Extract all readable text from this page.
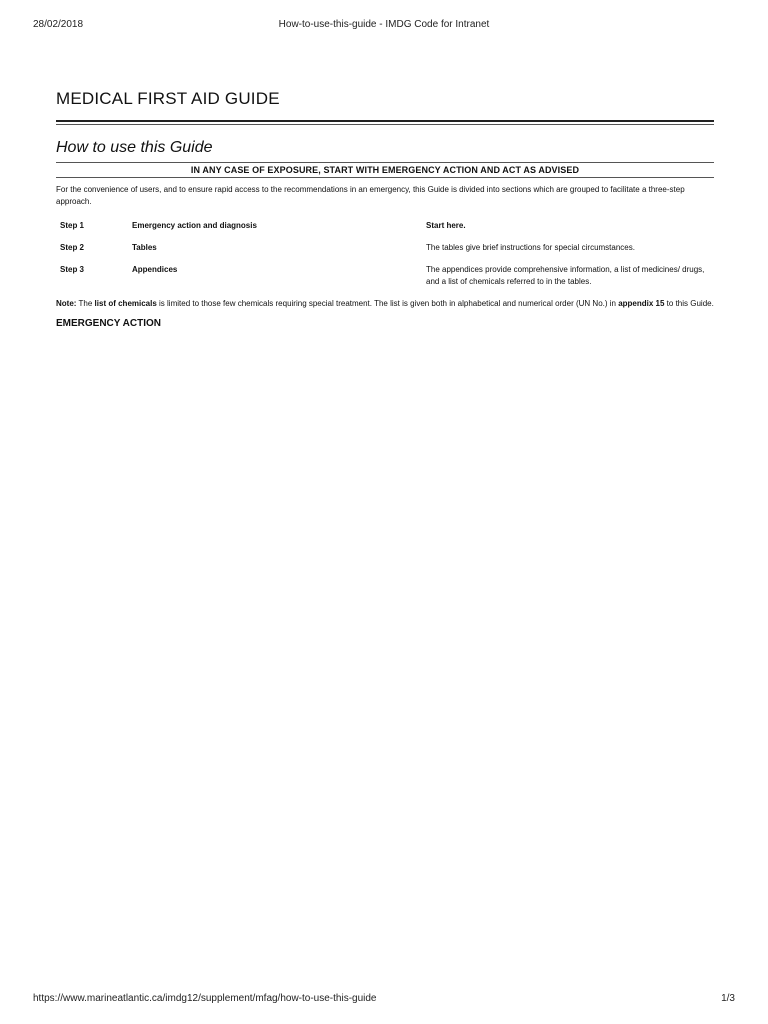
28/02/2018	How-to-use-this-guide - IMDG Code for Intranet
MEDICAL FIRST AID GUIDE
How to use this Guide
IN ANY CASE OF EXPOSURE, START WITH EMERGENCY ACTION AND ACT AS ADVISED

For the convenience of users, and to ensure rapid access to the recommendations in an emergency, this Guide is divided into sections which are grouped to facilitate a three-step approach.

Step 1	Emergency action and diagnosis	Start here.
Step 2	Tables	The tables give brief instructions for special circumstances.
Step 3	Appendices	The appendices provide comprehensive information, a list of medicines/ drugs, and a list of chemicals referred to in the tables.

Note: The list of chemicals is limited to those few chemicals requiring special treatment. The list is given both in alphabetical and numerical order (UN No.) in appendix 15 to this Guide.

EMERGENCY ACTION
https://www.marineatlantic.ca/imdg12/supplement/mfag/how-to-use-this-guide	1/3
